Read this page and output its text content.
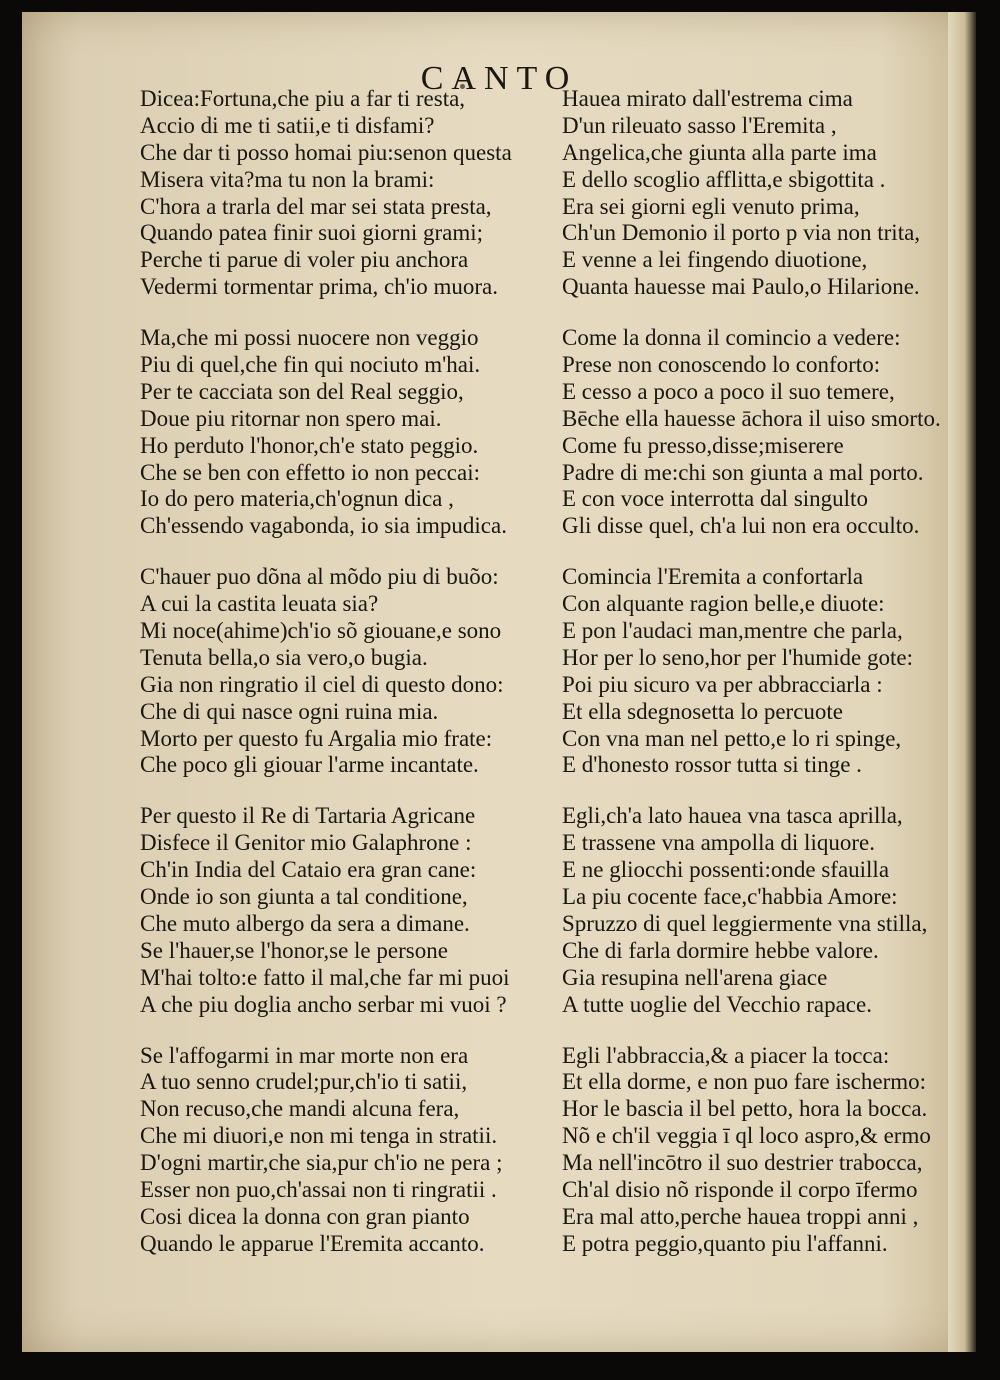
CANTO
Dicea:Fortuna,che piu a far ti resta,
Accio di me ti satii,e ti disfami?
Che dar ti posso homai piu:senon questa
Misera vita?ma tu non la brami:
C'hora a trarla del mar sei stata presta,
Quando patea finir suoi giorni grami;
Perche ti parue di voler piu anchora
Vedermi tormentar prima, ch'io muora.
Ma,che mi possi nuocere non veggio
Piu di quel,che fin qui nociuto m'hai.
Per te cacciata son del Real seggio,
Doue piu ritornar non spero mai.
Ho perduto l'honor,ch'e stato peggio.
Che se ben con effetto io non peccai:
Io do pero materia,ch'ognun dica ,
Ch'essendo vagabonda, io sia impudica.
C'hauer puo dõna al mõdo piu di buõo:
A cui la castita leuata sia?
Mi noce(ahime)ch'io sõ giouane,e sono
Tenuta bella,o sia vero,o bugia.
Gia non ringratio il ciel di questo dono:
Che di qui nasce ogni ruina mia.
Morto per questo fu Argalia mio frate:
Che poco gli giouar l'arme incantate.
Per questo il Re di Tartaria Agricane
Disfece il Genitor mio Galaphrone :
Ch'in India del Cataio era gran cane:
Onde io son giunta a tal conditione,
Che muto albergo da sera a dimane.
Se l'hauer,se l'honor,se le persone
M'hai tolto:e fatto il mal,che far mi puoi
A che piu doglia ancho serbar mi vuoi ?
Se l'affogarmi in mar morte non era
A tuo senno crudel;pur,ch'io ti satii,
Non recuso,che mandi alcuna fera,
Che mi diuori,e non mi tenga in stratii.
D'ogni martir,che sia,pur ch'io ne pera ;
Esser non puo,ch'assai non ti ringratii .
Cosi dicea la donna con gran pianto
Quando le apparue l'Eremita accanto.
Hauea mirato dall'estrema cima
D'un rileuato sasso l'Eremita ,
Angelica,che giunta alla parte ima
E dello scoglio afflitta,e sbigottita .
Era sei giorni egli venuto prima,
Ch'un Demonio il porto p via non trita,
E venne a lei fingendo diuotione,
Quanta hauesse mai Paulo,o Hilarione.
Come la donna il comincio a vedere:
Prese non conoscendo lo conforto:
E cesso a poco a poco il suo temere,
Bēche ella hauesse āchora il uiso smorto.
Come fu presso,disse;miserere
Padre di me:chi son giunta a mal porto.
E con voce interrotta dal singulto
Gli disse quel, ch'a lui non era occulto.
Comincia l'Eremita a confortarla
Con alquante ragion belle,e diuote:
E pon l'audaci man,mentre che parla,
Hor per lo seno,hor per l'humide gote:
Poi piu sicuro va per abbracciarla :
Et ella sdegnosetta lo percuote
Con vna man nel petto,e lo ri spinge,
E d'honesto rossor tutta si tinge .
Egli,ch'a lato hauea vna tasca aprilla,
E trassene vna ampolla di liquore.
E ne gliocchi possenti:onde sfauilla
La piu cocente face,c'habbia Amore:
Spruzzo di quel leggiermente vna stilla,
Che di farla dormire hebbe valore.
Gia resupina nell'arena giace
A tutte uoglie del Vecchio rapace.
Egli l'abbraccia,& a piacer la tocca:
Et ella dorme, e non puo fare ischermo:
Hor le bascia il bel petto, hora la bocca.
Nõ e ch'il veggia ī ql loco aspro,& ermo
Ma nell'incōtro il suo destrier trabocca,
Ch'al disio nõ risponde il corpo īfermo
Era mal atto,perche hauea troppi anni ,
E potra peggio,quanto piu l'affanni.
